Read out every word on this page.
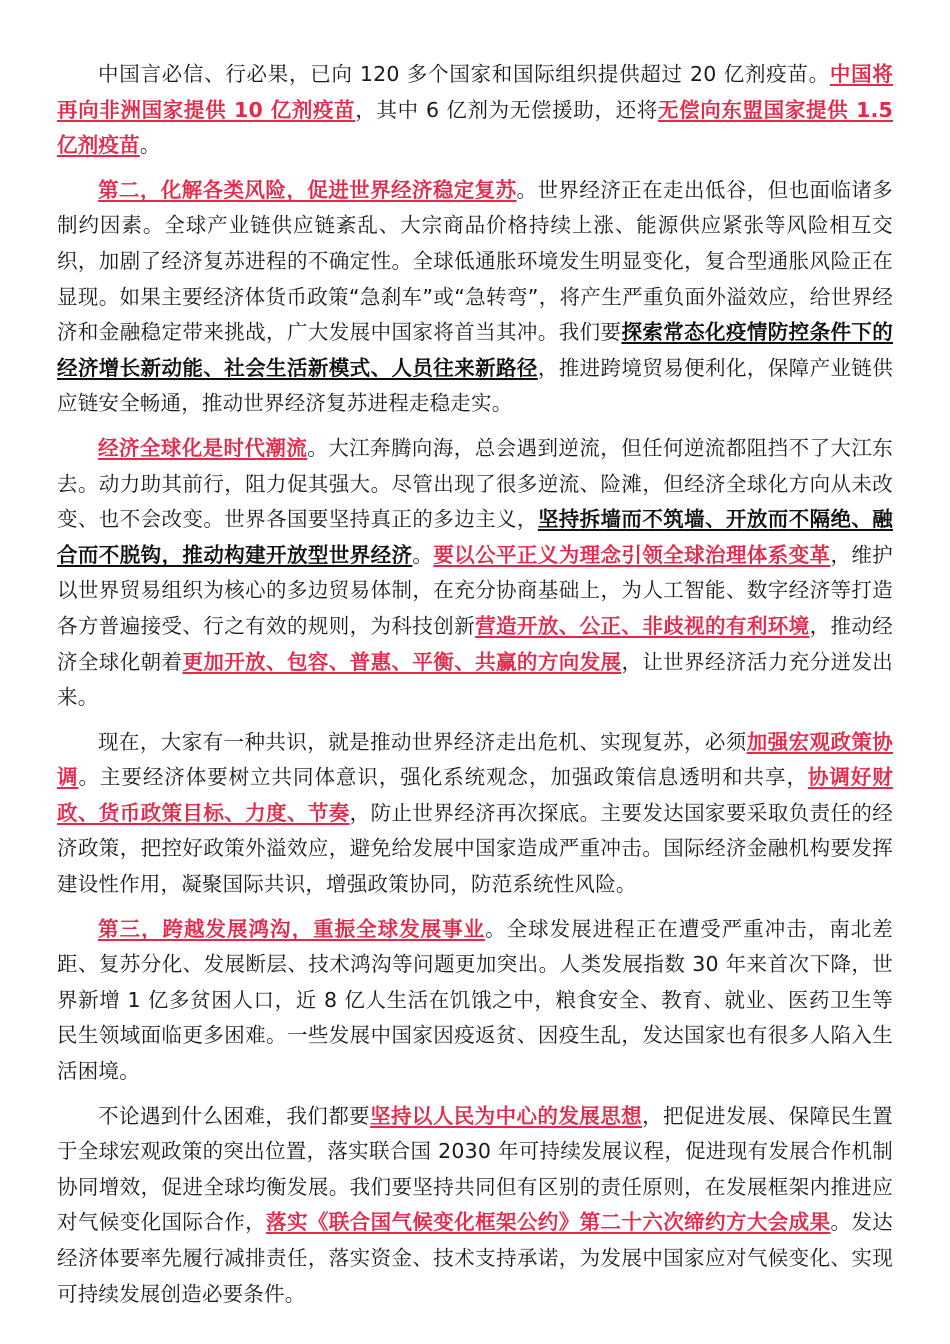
中国言必信、行必果，已向 120 多个国家和国际组织提供超过 20 亿剂疫苗。中国将再向非洲国家提供 10 亿剂疫苗，其中 6 亿剂为无偿援助，还将无偿向东盟国家提供 1.5 亿剂疫苗。

第二，化解各类风险，促进世界经济稳定复苏。世界经济正在走出低谷，但也面临诸多制约因素。全球产业链供应链紊乱、大宗商品价格持续上涨、能源供应紧张等风险相互交织，加剧了经济复苏进程的不确定性。全球低通胀环境发生明显变化，复合型通胀风险正在显现。如果主要经济体货币政策“急刹车”或“急转弯”，将产生严重负面外溢效应，给世界经济和金融稳定带来挑战，广大发展中国家将首当其冲。我们要探索常态化疫情防控条件下的经济增长新动能、社会生活新模式、人员往来新路径，推进跨境贸易便利化，保障产业链供应链安全畅通，推动世界经济复苏进程走稳走实。

经济全球化是时代潮流。大江奔腾向海，总会遇到逆流，但任何逆流都阻挡不了大江东去。动力助其前行，阻力促其强大。尽管出现了很多逆流、险滩，但经济全球化方向从未改变、也不会改变。世界各国要坚持真正的多边主义，坚持拆墙而不筑墙、开放而不隔绝、融合而不脱钩，推动构建开放型世界经济。要以公平正义为理念引领全球治理体系变革，维护以世界贸易组织为核心的多边贸易体制，在充分协商基础上，为人工智能、数字经济等打造各方普遍接受、行之有效的规则，为科技创新营造开放、公正、非歧视的有利环境，推动经济全球化朝着更加开放、包容、普惠、平衡、共赢的方向发展，让世界经济活力充分迸发出来。

现在，大家有一种共识，就是推动世界经济走出危机、实现复苏，必须加强宏观政策协调。主要经济体要树立共同体意识，强化系统观念，加强政策信息透明和共享，协调好财政、货币政策目标、力度、节奏，防止世界经济再次探底。主要发达国家要采取负责任的经济政策，把控好政策外溢效应，避免给发展中国家造成严重冲击。国际经济金融机构要发挥建设性作用，凝聚国际共识，增强政策协同，防范系统性风险。

第三，跨越发展鸿沟，重振全球发展事业。全球发展进程正在遭受严重冲击，南北差距、复苏分化、发展断层、技术鸿沟等问题更加突出。人类发展指数 30 年来首次下降，世界新增 1 亿多贫困人口，近 8 亿人生活在饥饿之中，粮食安全、教育、就业、医药卫生等民生领域面临更多困难。一些发展中国家因疫返贫、因疫生乱，发达国家也有很多人陷入生活困境。

不论遇到什么困难，我们都要坚持以人民为中心的发展思想，把促进发展、保障民生置于全球宏观政策的突出位置，落实联合国 2030 年可持续发展议程，促进现有发展合作机制协同增效，促进全球均衡发展。我们要坚持共同但有区别的责任原则，在发展框架内推进应对气候变化国际合作，落实《联合国气候变化框架公约》第二十六次缔约方大会成果。发达经济体要率先履行减排责任，落实资金、技术支持承诺，为发展中国家应对气候变化、实现可持续发展创造必要条件。
